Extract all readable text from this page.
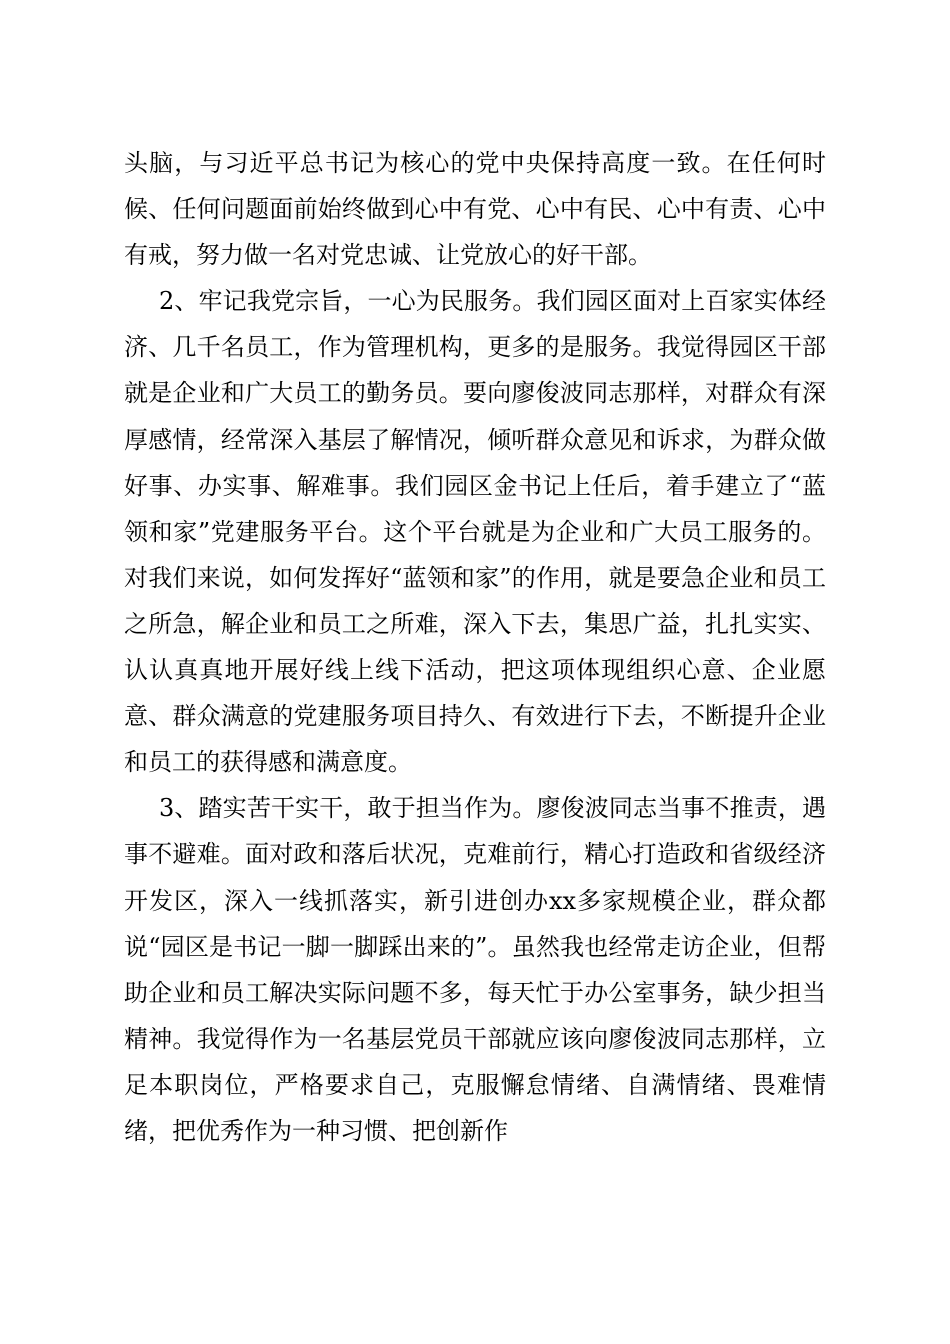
头脑，与习近平总书记为核心的党中央保持高度一致。在任何时候、任何问题面前始终做到心中有党、心中有民、心中有责、心中有戒，努力做一名对党忠诚、让党放心的好干部。

2、牢记我党宗旨，一心为民服务。我们园区面对上百家实体经济、几千名员工，作为管理机构，更多的是服务。我觉得园区干部就是企业和广大员工的勤务员。要向廖俊波同志那样，对群众有深厚感情，经常深入基层了解情况，倾听群众意见和诉求，为群众做好事、办实事、解难事。我们园区金书记上任后，着手建立了“蓝领和家”党建服务平台。这个平台就是为企业和广大员工服务的。对我们来说，如何发挥好“蓝领和家”的作用，就是要急企业和员工之所急，解企业和员工之所难，深入下去，集思广益，扎扎实实、认认真真地开展好线上线下活动，把这项体现组织心意、企业愿意、群众满意的党建服务项目持久、有效进行下去，不断提升企业和员工的获得感和满意度。

3、踏实苦干实干，敢于担当作为。廖俊波同志当事不推责，遇事不避难。面对政和落后状况，克难前行，精心打造政和省级经济开发区，深入一线抓落实，新引进创办xx多家规模企业，群众都说“园区是书记一脚一脚踩出来的”。虽然我也经常走访企业，但帮助企业和员工解决实际问题不多，每天忙于办公室事务，缺少担当精神。我觉得作为一名基层党员干部就应该向廖俊波同志那样，立足本职岗位，严格要求自己，克服懈怠情绪、自满情绪、畏难情绪，把优秀作为一种习惯、把创新作
